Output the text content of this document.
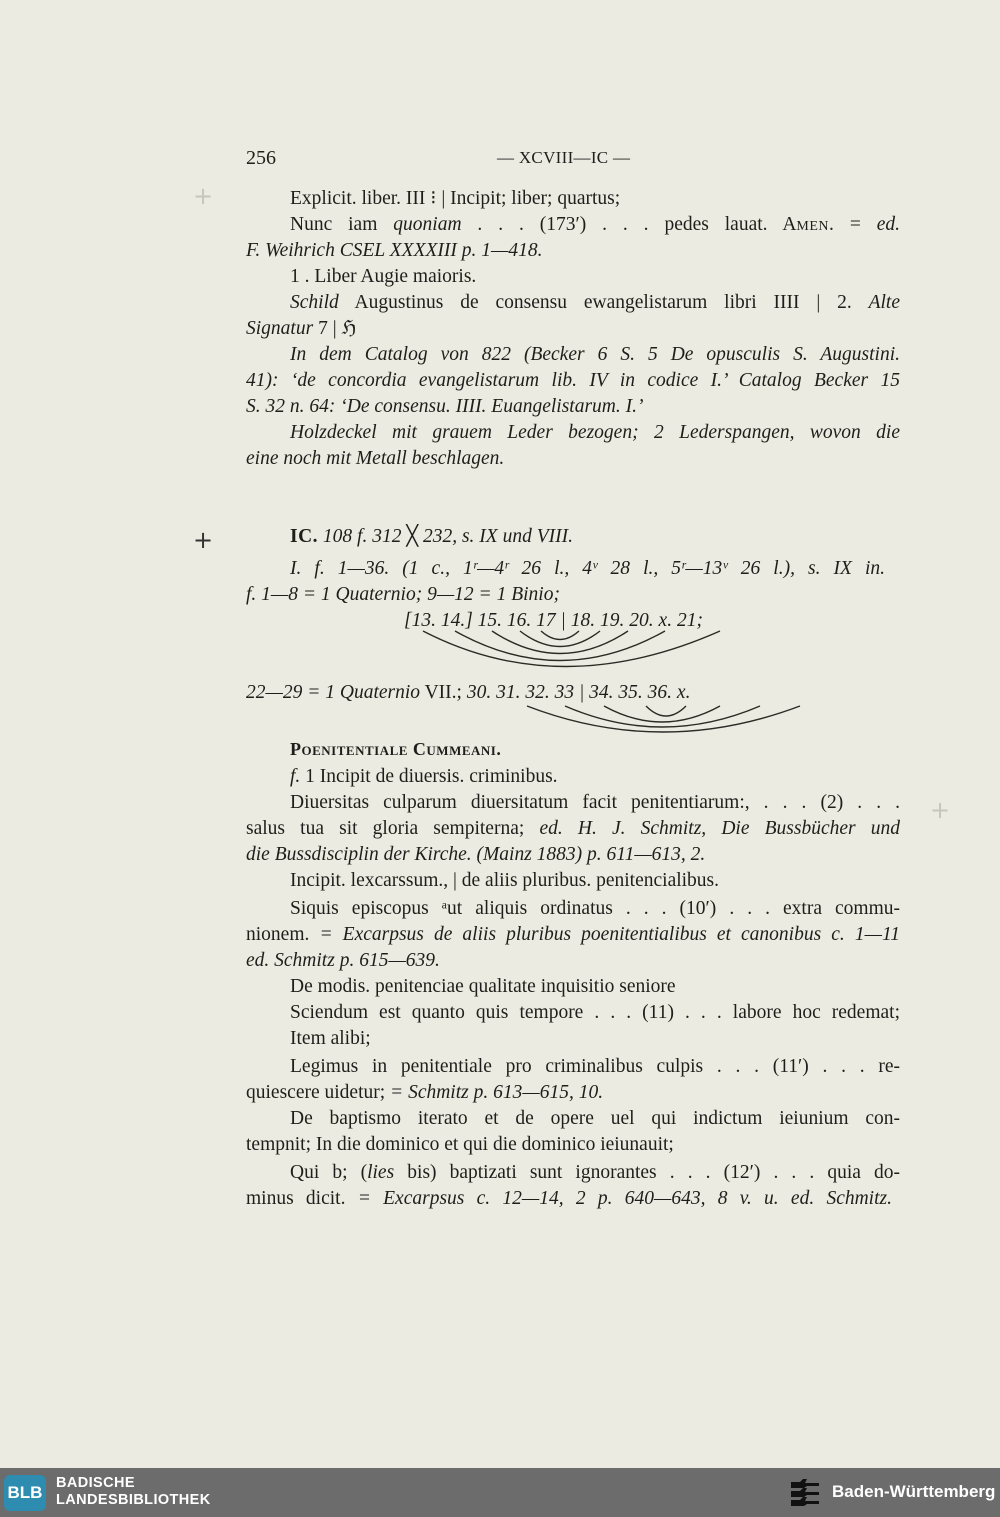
+
+
+
256	— XCVIII—IC —
Explicit. liber. III ⁝ | Incipit; liber; quartus;
Nunc iam quoniam . . . (173′) . . . pedes lauat. Amen. = ed.
F. Weihrich CSEL XXXXIII p. 1—418.
1 . Liber Augie maioris.
Schild Augustinus de consensu ewangelistarum libri IIII | 2. Alte
Signatur 7 | ℌ
In dem Catalog von 822 (Becker 6 S. 5 De opusculis S. Augustini.
41): ‘de concordia evangelistarum lib. IV in codice I.’ Catalog Becker 15
S. 32 n. 64: ‘De consensu. IIII. Euangelistarum. I.’
Holzdeckel mit grauem Leder bezogen; 2 Lederspangen, wovon die
eine noch mit Metall beschlagen.
IC. 108 f. 312 ╳ 232, s. IX und VIII.
I. f. 1—36. (1 c., 1ʳ—4ʳ 26 l., 4ᵛ 28 l., 5ʳ—13ᵛ 26 l.), s. IX in.
f. 1—8 = 1 Quaternio; 9—12 = 1 Binio;
[13. 14.] 15. 16. 17 | 18. 19. 20. x. 21;
22—29 = 1 Quaternio VII.; 30. 31. 32. 33 | 34. 35. 36. x.
Poenitentiale Cummeani.
f. 1 Incipit de diuersis. criminibus.
Diuersitas culparum diuersitatum facit penitentiarum:, . . . (2) . . .
salus tua sit gloria sempiterna; ed. H. J. Schmitz, Die Bussbücher und
die Bussdisciplin der Kirche. (Mainz 1883) p. 611—613, 2.
Incipit. lexcarssum., | de aliis pluribus. penitencialibus.
Siquis episcopus ᵃut aliquis ordinatus . . . (10′) . . . extra commu-
nionem. = Excarpsus de aliis pluribus poenitentialibus et canonibus c. 1—11
ed. Schmitz p. 615—639.
De modis. penitenciae qualitate inquisitio seniore
Sciendum est quanto quis tempore . . . (11) . . . labore hoc redemat;
Item alibi;
Legimus in penitentiale pro criminalibus culpis . . . (11′) . . . re-
quiescere uidetur; = Schmitz p. 613—615, 10.
De baptismo iterato et de opere uel qui indictum ieiunium con-
tempnit; In die dominico et qui die dominico ieiunauit;
Qui b; (lies bis) baptizati sunt ignorantes . . . (12′) . . . quia do-
minus dicit. = Excarpsus c. 12—14, 2 p. 640—643, 8 v. u. ed. Schmitz.
BLB BADISCHE
LANDESBIBLIOTHEK	Baden-Württemberg
